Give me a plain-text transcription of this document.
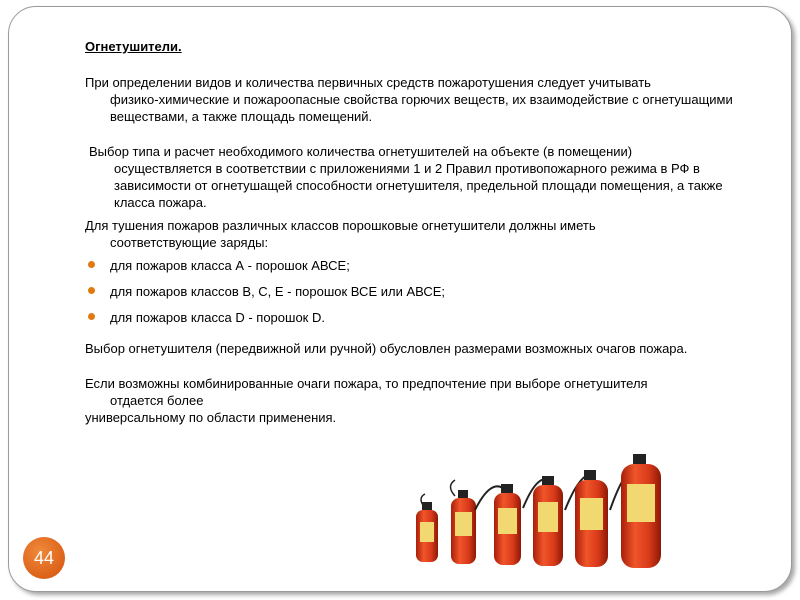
Огнетушители.

При определении видов и количества первичных средств пожаротушения следует учитывать
физико-химические и пожароопасные свойства горючих веществ, их взаимодействие с огнетушащими веществами, а также площадь помещений.

Выбор типа и расчет необходимого количества огнетушителей на объекте (в помещении)
осуществляется в соответствии с приложениями 1 и 2 Правил противопожарного режима в РФ в зависимости от огнетушащей способности огнетушителя, предельной площади помещения, а также класса пожара.

Для тушения пожаров различных классов порошковые огнетушители должны иметь
соответствующие заряды:

для пожаров класса А - порошок АВСЕ;
для пожаров классов В, С, Е - порошок ВСЕ или АВСЕ;
для пожаров класса D - порошок D.

Выбор огнетушителя (передвижной или ручной) обусловлен размерами возможных очагов пожара.

Если возможны комбинированные очаги пожара, то предпочтение при выборе огнетушителя
отдается более

универсальному по области применения.

44
